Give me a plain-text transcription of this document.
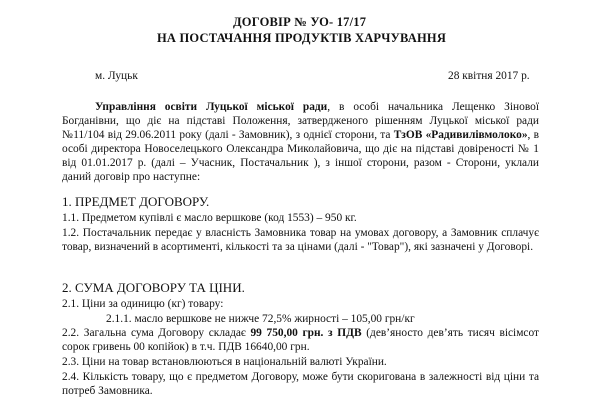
ДОГОВІР № УО- 17/17
НА ПОСТАЧАННЯ ПРОДУКТІВ ХАРЧУВАННЯ
м. Луцьк	28 квітня 2017 р.
Управління освіти Луцької міської ради, в особі начальника Лещенко Зінової Богданівни, що діє на підставі Положення, затвердженого рішенням Луцької міської ради №11/104 від 29.06.2011 року (далі - Замовник), з однієї сторони, та ТзОВ «Радивилівмолоко», в особі директора Новоселецького Олександра Миколайовича, що діє на підставі довіреності № 1 від 01.01.2017 р. (далі – Учасник, Постачальник ), з іншої сторони, разом - Сторони, уклали даний договір про наступне:
1. ПРЕДМЕТ ДОГОВОРУ.
1.1. Предметом купівлі є масло вершкове (код 1553) – 950 кг.
1.2. Постачальник передає у власність Замовника товар на умовах договору, а Замовник сплачує товар, визначений в асортименті, кількості та за цінами (далі - "Товар"), які зазначені у Договорі.
2. СУМА ДОГОВОРУ ТА ЦІНИ.
2.1. Ціни за одиницю (кг) товару:
2.1.1. масло вершкове не нижче 72,5% жирності – 105,00 грн/кг
2.2. Загальна сума Договору складає 99 750,00 грн. з ПДВ (дев’яносто дев’ять тисяч вісімсот сорок гривень 00 копійок) в т.ч. ПДВ 16640,00 грн.
2.3. Ціни на товар встановлюються в національній валюті України.
2.4. Кількість товару, що є предметом Договору, може бути скоригована в залежності від ціни та потреб Замовника.
